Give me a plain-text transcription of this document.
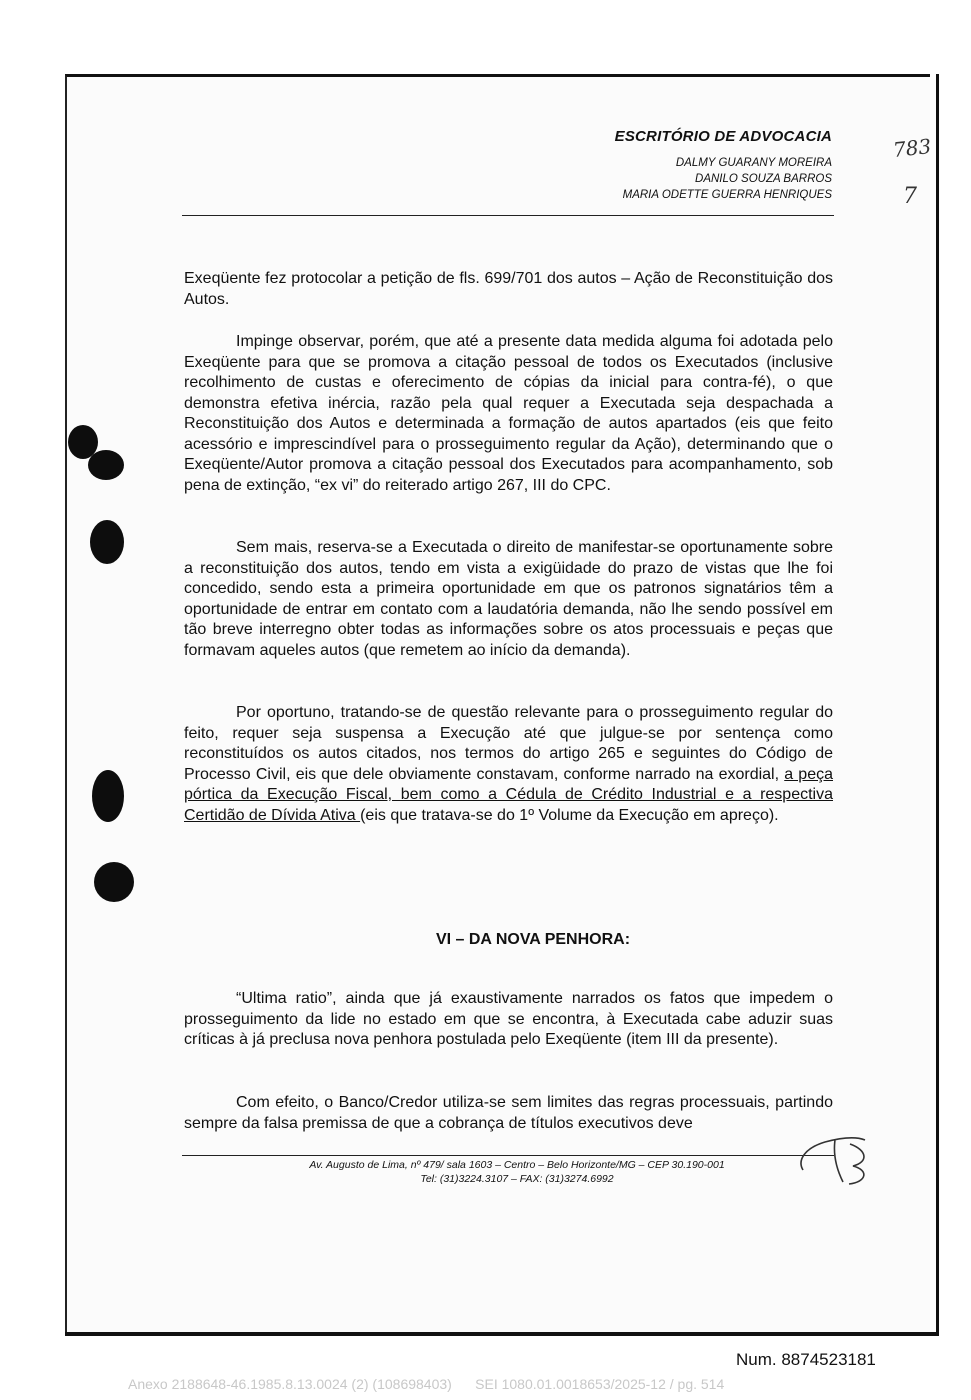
ESCRITÓRIO DE ADVOCACIA
DALMY GUARANY MOREIRA
DANILO SOUZA BARROS
MARIA ODETTE GUERRA HENRIQUES
783
7

Exeqüente fez protocolar a petição de fls. 699/701 dos autos – Ação de Reconstituição dos Autos.

Impinge observar, porém, que até a presente data medida alguma foi adotada pelo Exeqüente para que se promova a citação pessoal de todos os Executados (inclusive recolhimento de custas e oferecimento de cópias da inicial para contra-fé), o que demonstra efetiva inércia, razão pela qual requer a Executada seja despachada a Reconstituição dos Autos e determinada a formação de autos apartados (eis que feito acessório e imprescindível para o prosseguimento regular da Ação), determinando que o Exeqüente/Autor promova a citação pessoal dos Executados para acompanhamento, sob pena de extinção, “ex vi” do reiterado artigo 267, III do CPC.

Sem mais, reserva-se a Executada o direito de manifestar-se oportunamente sobre a reconstituição dos autos, tendo em vista a exigüidade do prazo de vistas que lhe foi concedido, sendo esta a primeira oportunidade em que os patronos signatários têm a oportunidade de entrar em contato com a laudatória demanda, não lhe sendo possível em tão breve interregno obter todas as informações sobre os atos processuais e peças que formavam aqueles autos (que remetem ao início da demanda).

Por oportuno, tratando-se de questão relevante para o prosseguimento regular do feito, requer seja suspensa a Execução até que julgue-se por sentença como reconstituídos os autos citados, nos termos do artigo 265 e seguintes do Código de Processo Civil, eis que dele obviamente constavam, conforme narrado na exordial, a peça pórtica da Execução Fiscal, bem como a Cédula de Crédito Industrial e a respectiva Certidão de Dívida Ativa (eis que tratava-se do 1º Volume da Execução em apreço).

VI – DA NOVA PENHORA:

“Ultima ratio”, ainda que já exaustivamente narrados os fatos que impedem o prosseguimento da lide no estado em que se encontra, à Executada cabe aduzir suas críticas à já preclusa nova penhora postulada pelo Exeqüente (item III da presente).

Com efeito, o Banco/Credor utiliza-se sem limites das regras processuais, partindo sempre da falsa premissa de que a cobrança de títulos executivos deve

Av. Augusto de Lima, nº 479/ sala 1603 – Centro – Belo Horizonte/MG – CEP 30.190-001
Tel: (31)3224.3107 – FAX: (31)3274.6992
Num. 8874523181
Anexo 2188648-46.1985.8.13.0024 (2) (108698403)      SEI 1080.01.0018653/2025-12 / pg. 514
